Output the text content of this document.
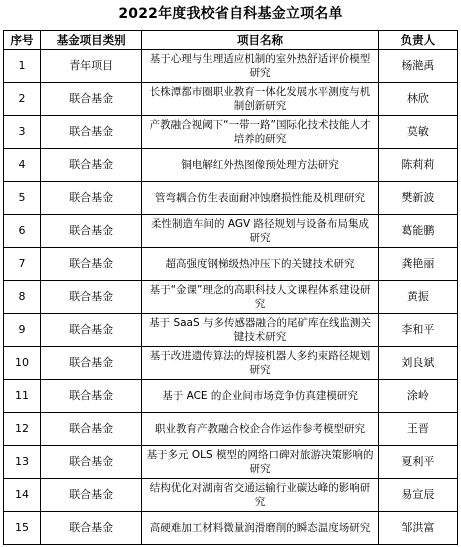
2022年度我校省自科基金立项名单
序号	基金项目类别	项目名称	负责人
1	青年项目	基于心理与生理适应机制的室外热舒适评价模型研究	杨滟禹
2	联合基金	长株潭都市圈职业教育一体化发展水平测度与机制创新研究	林欣
3	联合基金	产教融合视阈下“一带一路”国际化技术技能人才培养的研究	莫敏
4	联合基金	铜电解红外热图像预处理方法研究	陈莉莉
5	联合基金	管弯耦合仿生表面耐冲蚀磨损性能及机理研究	樊新波
6	联合基金	柔性制造车间的 AGV 路径规划与设备布局集成研究	葛能鹏
7	联合基金	超高强度钢梯级热冲压下的关键技术研究	龚艳丽
8	联合基金	基于“金课”理念的高职科技人文课程体系建设研究	黄振
9	联合基金	基于 SaaS 与多传感器融合的尾矿库在线监测关键技术研究	李和平
10	联合基金	基于改进遗传算法的焊接机器人多约束路径规划研究	刘良斌
11	联合基金	基于 ACE 的企业间市场竞争仿真建模研究	涂岭
12	联合基金	职业教育产教融合校企合作运作参考模型研究	王晋
13	联合基金	基于多元 OLS 模型的网络口碑对旅游决策影响的研究	夏利平
14	联合基金	结构优化对湖南省交通运输行业碳达峰的影响研究	易宣辰
15	联合基金	高硬难加工材料微量润滑磨削的瞬态温度场研究	邹洪富
